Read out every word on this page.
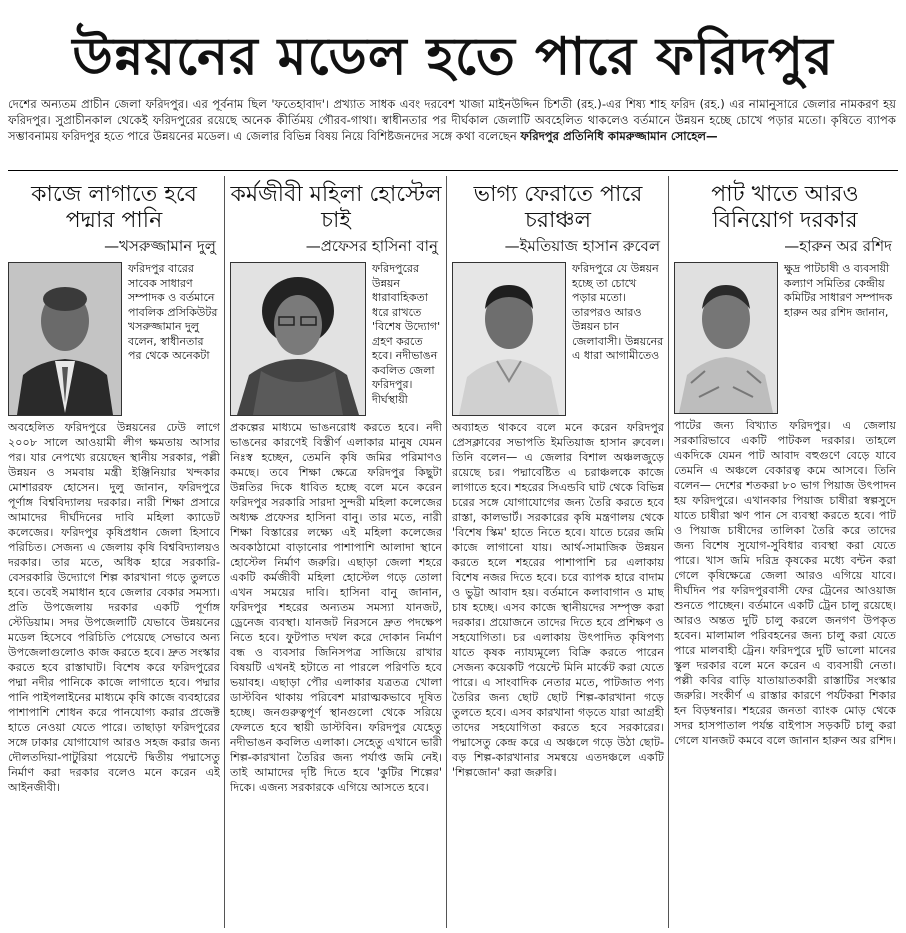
উন্নয়নের মডেল হতে পারে ফরিদপুর
দেশের অন্যতম প্রাচীন জেলা ফরিদপুর। এর পূর্বনাম ছিল 'ফতেহাবাদ'। প্রখ্যাত সাধক এবং দরবেশ খাজা মাইনউদ্দিন চিশতী (রহ.)-এর শিষ্য শাহ ফরিদ (রহ.) এর নামানুসারে জেলার নামকরণ হয় ফরিদপুর। সুপ্রাচীনকাল থেকেই ফরিদপুরের রয়েছে অনেক কীর্তিময় গৌরব-গাথা। স্বাধীনতার পর দীর্ঘকাল জেলাটি অবহেলিত থাকলেও বর্তমানে উন্নয়ন হচ্ছে চোখে পড়ার মতো। কৃষিতে ব্যাপক সম্ভাবনাময় ফরিদপুর হতে পারে উন্নয়নের মডেল। এ জেলার বিভিন্ন বিষয় নিয়ে বিশিষ্টজনদের সঙ্গে কথা বলেছেন ফরিদপুর প্রতিনিধি কামরুজ্জামান সোহেল—
কাজে লাগাতে হবে পদ্মার পানি
—খসরুজ্জামান দুলু
ফরিদপুর বারের সাবেক সাধারণ সম্পাদক ও বর্তমানে পাবলিক প্রসিকিউটর খসরুজ্জামান দুলু বলেন, স্বাধীনতার পর থেকে অনেকটা

অবহেলিত ফরিদপুরে উন্নয়নের ঢেউ লাগে ২০০৮ সালে আওয়ামী লীগ ক্ষমতায় আসার পর। যার নেপথ্যে রয়েছেন স্থানীয় সরকার, পল্লী উন্নয়ন ও সমবায় মন্ত্রী ইঞ্জিনিয়ার খন্দকার মোশাররফ হোসেন। দুলু জানান, ফরিদপুরে পূর্ণাঙ্গ বিশ্ববিদ্যালয় দরকার। নারী শিক্ষা প্রসারে আমাদের দীর্ঘদিনের দাবি মহিলা ক্যাডেট কলেজের। ফরিদপুর কৃষিপ্রধান জেলা হিসাবে পরিচিত। সেজন্য এ জেলায় কৃষি বিশ্ববিদ্যালয়ও দরকার। তার মতে, অধিক হারে সরকারি-বেসরকারি উদ্যোগে শিল্প কারখানা গড়ে তুলতে হবে। তবেই সমাধান হবে জেলার বেকার সমস্যা। প্রতি উপজেলায় দরকার একটি পূর্ণাঙ্গ স্টেডিয়াম। সদর উপজেলাটি যেভাবে উন্নয়নের মডেল হিসেবে পরিচিতি পেয়েছে সেভাবে অন্য উপজেলাগুলোও কাজ করতে হবে। দ্রুত সংস্কার করতে হবে রাস্তাঘাট। বিশেষ করে ফরিদপুরের পদ্মা নদীর পানিকে কাজে লাগাতে হবে। পদ্মার পানি পাইপলাইনের মাধ্যমে কৃষি কাজে ব্যবহারের পাশাপাশি শোধন করে পানযোগ্য করার প্রজেক্ট হাতে নেওয়া যেতে পারে। তাছাড়া ফরিদপুরের সঙ্গে ঢাকার যোগাযোগ আরও সহজ করার জন্য দৌলতদিয়া-পাটুরিয়া পয়েন্টে দ্বিতীয় পদ্মাসেতু নির্মাণ করা দরকার বলেও মনে করেন এই আইনজীবী।

কর্মজীবী মহিলা হোস্টেল চাই
—প্রফেসর হাসিনা বানু
ফরিদপুরের উন্নয়ন ধারাবাহিকতা ধরে রাখতে 'বিশেষ উদ্যোগ' গ্রহণ করতে হবে। নদীভাঙন কবলিত জেলা ফরিদপুর। দীর্ঘস্থায়ী

প্রকল্পের মাধ্যমে ভাঙনরোধ করতে হবে। নদী ভাঙনের কারণেই বিস্তীর্ণ এলাকার মানুষ যেমন নিঃস্ব হচ্ছেন, তেমনি কৃষি জমির পরিমাণও কমছে। তবে শিক্ষা ক্ষেত্রে ফরিদপুর কিছুটা উন্নতির দিকে ধাবিত হচ্ছে বলে মনে করেন ফরিদপুর সরকারি সারদা সুন্দরী মহিলা কলেজের অধ্যক্ষ প্রফেসর হাসিনা বানু। তার মতে, নারী শিক্ষা বিস্তারের লক্ষ্যে এই মহিলা কলেজের অবকাঠামো বাড়ানোর পাশাপাশি আলাদা স্থানে হোস্টেল নির্মাণ জরুরি। এছাড়া জেলা শহরে একটি কর্মজীবী মহিলা হোস্টেল গড়ে তোলা এখন সময়ের দাবি। হাসিনা বানু জানান, ফরিদপুর শহরের অন্যতম সমস্যা যানজট, ড্রেনেজ ব্যবস্থা। যানজট নিরসনে দ্রুত পদক্ষেপ নিতে হবে। ফুটপাত দখল করে দোকান নির্মাণ বন্ধ ও ব্যবসার জিনিসপত্র সাজিয়ে রাখার বিষয়টি এখনই হটাতে না পারলে পরিণতি হবে ভয়াবহ। এছাড়া পৌর এলাকার যত্রতত্র খোলা ডাস্টবিন থাকায় পরিবেশ মারাত্মকভাবে দূষিত হচ্ছে। জনগুরুত্বপূর্ণ স্থানগুলো থেকে সরিয়ে ফেলতে হবে স্থায়ী ডাস্টবিন। ফরিদপুর যেহেতু নদীভাঙন কবলিত এলাকা। সেহেতু এখানে ভারী শিল্প-কারখানা তৈরির জন্য পর্যাপ্ত জমি নেই। তাই আমাদের দৃষ্টি দিতে হবে 'কুটির শিল্পের' দিকে। এজন্য সরকারকে এগিয়ে আসতে হবে।

ভাগ্য ফেরাতে পারে চরাঞ্চল
—ইমতিয়াজ হাসান রুবেল
ফরিদপুরে যে উন্নয়ন হচ্ছে তা চোখে পড়ার মতো। তারপরও আরও উন্নয়ন চান জেলাবাসী। উন্নয়নের এ ধারা আগামীতেও

অব্যাহত থাকবে বলে মনে করেন ফরিদপুর প্রেসক্লাবের সভাপতি ইমতিয়াজ হাসান রুবেল। তিনি বলেন— এ জেলার বিশাল অঞ্চলজুড়ে রয়েছে চর। পদ্মাবেষ্টিত এ চরাঞ্চলকে কাজে লাগাতে হবে। শহরের সিএন্ডবি ঘাট থেকে বিভিন্ন চরের সঙ্গে যোগাযোগের জন্য তৈরি করতে হবে রাস্তা, কালভার্ট। সরকারের কৃষি মন্ত্রণালয় থেকে 'বিশেষ স্কিম' হাতে নিতে হবে। যাতে চরের জমি কাজে লাগানো যায়। আর্থ-সামাজিক উন্নয়ন করতে হলে শহরের পাশাপাশি চর এলাকায় বিশেষ নজর দিতে হবে। চরে ব্যাপক হারে বাদাম ও ভুট্টা আবাদ হয়। বর্তমানে কলাবাগান ও মাছ চাষ হচ্ছে। এসব কাজে স্থানীয়দের সম্পৃক্ত করা দরকার। প্রয়োজনে তাদের দিতে হবে প্রশিক্ষণ ও সহযোগিতা। চর এলাকায় উৎপাদিত কৃষিপণ্য যাতে কৃষক ন্যায্যমূল্যে বিক্রি করতে পারেন সেজন্য কয়েকটি পয়েন্টে মিনি মার্কেট করা যেতে পারে। এ সাংবাদিক নেতার মতে, পাটজাত পণ্য তৈরির জন্য ছোট ছোট শিল্প-কারখানা গড়ে তুলতে হবে। এসব কারখানা গড়তে যারা আগ্রহী তাদের সহযোগিতা করতে হবে সরকারের। পদ্মাসেতু কেন্দ্র করে এ অঞ্চলে গড়ে উঠা ছোট-বড় শিল্প-কারখানার সমন্বয়ে এতদঞ্চলে একটি 'শিল্পজোন' করা জরুরি।

পাট খাতে আরও বিনিয়োগ দরকার
—হারুন অর রশিদ
ক্ষুদ্র পাটচাষী ও ব্যবসায়ী কল্যাণ সমিতির কেন্দ্রীয় কমিটির সাধারণ সম্পাদক হারুন অর রশিদ জানান,

পাটের জন্য বিখ্যাত ফরিদপুর। এ জেলায় সরকারিভাবে একটি পাটকল দরকার। তাহলে একদিকে যেমন পাট আবাদ বহুগুণে বেড়ে যাবে তেমনি এ অঞ্চলে বেকারত্ব কমে আসবে। তিনি বলেন— দেশের শতকরা ৮০ ভাগ পিয়াজ উৎপাদন হয় ফরিদপুরে। এখানকার পিয়াজ চাষীরা স্বল্পসুদে যাতে চাষীরা ঋণ পান সে ব্যবস্থা করতে হবে। পাট ও পিয়াজ চাষীদের তালিকা তৈরি করে তাদের জন্য বিশেষ সুযোগ-সুবিধার ব্যবস্থা করা যেতে পারে। খাস জমি দরিদ্র কৃষকের মধ্যে বন্টন করা গেলে কৃষিক্ষেত্রে জেলা আরও এগিয়ে যাবে। দীর্ঘদিন পর ফরিদপুরবাসী ফের ট্রেনের আওয়াজ শুনতে পাচ্ছেন। বর্তমানে একটি ট্রেন চালু রয়েছে। আরও অন্তত দুটি চালু করলে জনগণ উপকৃত হবেন। মালামাল পরিবহনের জন্য চালু করা যেতে পারে মালবাহী ট্রেন। ফরিদপুরে দুটি ভালো মানের স্কুল দরকার বলে মনে করেন এ ব্যবসায়ী নেতা। পল্লী কবির বাড়ি যাতায়াতকারী রাস্তাটির সংস্কার জরুরি। সংকীর্ণ এ রাস্তার কারণে পর্যটকরা শিকার হন বিড়ম্বনার। শহরের জনতা ব্যাংক মোড় থেকে সদর হাসপাতাল পর্যন্ত বাইপাস সড়কটি চালু করা গেলে যানজট কমবে বলে জানান হারুন অর রশিদ।
